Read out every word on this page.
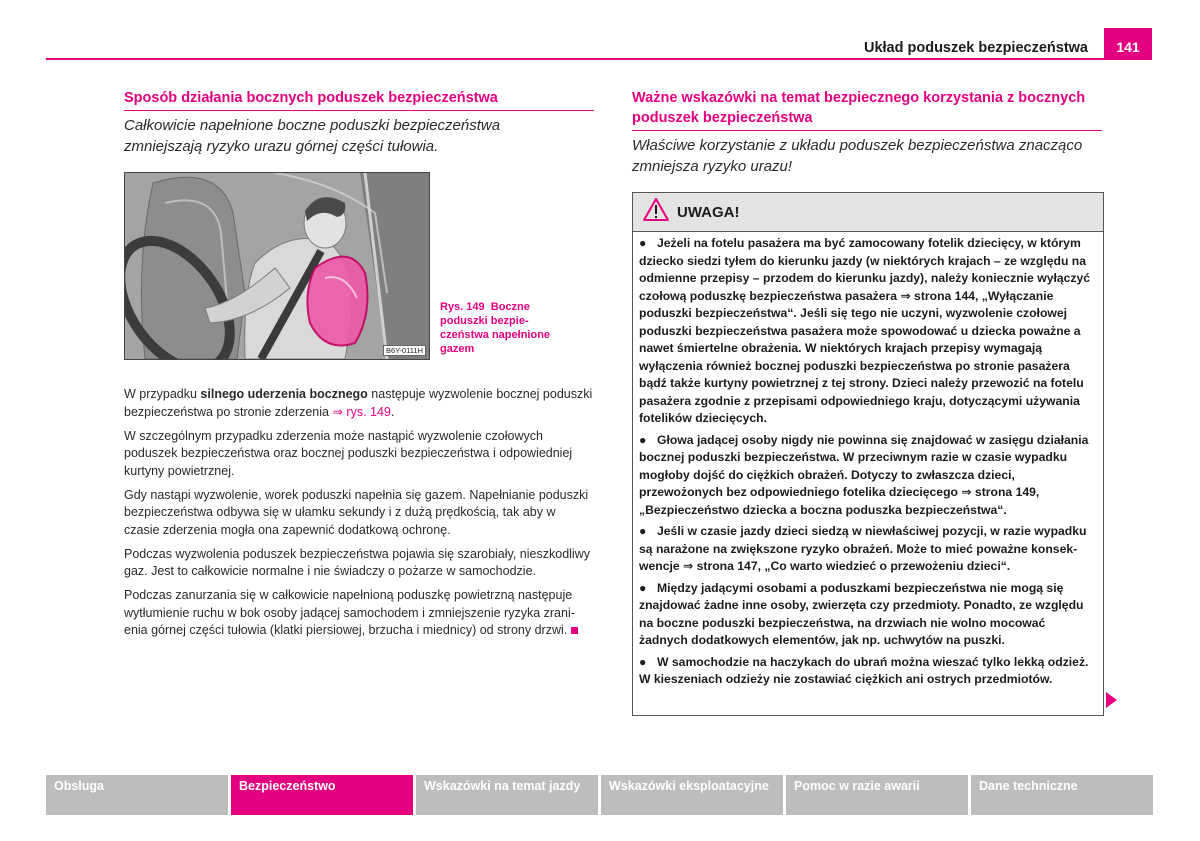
Układ poduszek bezpieczeństwa	141
Sposób działania bocznych poduszek bezpieczeństwa
Całkowicie napełnione boczne poduszki bezpieczeństwa zmniejszają ryzyko urazu górnej części tułowia.
B6Y-0111H
Rys. 149 Boczne poduszki bezpieczeństwa napełnione gazem

W przypadku silnego uderzenia bocznego następuje wyzwolenie bocznej poduszki bezpieczeństwa po stronie zderzenia ⇒ rys. 149.

W szczególnym przypadku zderzenia może nastąpić wyzwolenie czołowych poduszek bezpieczeństwa oraz bocznej poduszki bezpieczeństwa i odpowiedniej kurtyny powietrznej.

Gdy nastąpi wyzwolenie, worek poduszki napełnia się gazem. Napełnianie poduszki bezpieczeństwa odbywa się w ułamku sekundy i z dużą prędkością, tak aby w czasie zderzenia mogła ona zapewnić dodatkową ochronę.

Podczas wyzwolenia poduszek bezpieczeństwa pojawia się szarobiały, nieszkodliwy gaz. Jest to całkowicie normalne i nie świadczy o pożarze w samochodzie.

Podczas zanurzania się w całkowicie napełnioną poduszkę powietrzną następuje wytłumienie ruchu w bok osoby jadącej samochodem i zmniejszenie ryzyka zranienia górnej części tułowia (klatki piersiowej, brzucha i miednicy) od strony drzwi.

Ważne wskazówki na temat bezpiecznego korzystania z bocznych poduszek bezpieczeństwa
Właściwe korzystanie z układu poduszek bezpieczeństwa znacząco zmniejsza ryzyko urazu!
UWAGA!

● Jeżeli na fotelu pasażera ma być zamocowany fotelik dziecięcy, w którym dziecko siedzi tyłem do kierunku jazdy (w niektórych krajach – ze względu na odmienne przepisy – przodem do kierunku jazdy), należy koniecznie wyłączyć czołową poduszkę bezpieczeństwa pasażera ⇒ strona 144, „Wyłączanie poduszki bezpieczeństwa“. Jeśli się tego nie uczyni, wyzwolenie czołowej poduszki bezpieczeństwa pasażera może spowodować u dziecka poważne a nawet śmiertelne obrażenia. W niektórych krajach przepisy wymagają wyłączenia również bocznej poduszki bezpieczeństwa po stronie pasażera bądź także kurtyny powietrznej z tej strony. Dzieci należy przewozić na fotelu pasażera zgodnie z przepisami odpowiedniego kraju, dotyczącymi używania fotelików dziecięcych.

● Głowa jadącej osoby nigdy nie powinna się znajdować w zasięgu działania bocznej poduszki bezpieczeństwa. W przeciwnym razie w czasie wypadku mogłoby dojść do ciężkich obrażeń. Dotyczy to zwłaszcza dzieci, przewożonych bez odpowiedniego fotelika dziecięcego ⇒ strona 149, „Bezpieczeństwo dziecka a boczna poduszka bezpieczeństwa“.

● Jeśli w czasie jazdy dzieci siedzą w niewłaściwej pozycji, w razie wypadku są narażone na zwiększone ryzyko obrażeń. Może to mieć poważne konsekwencje ⇒ strona 147, „Co warto wiedzieć o przewożeniu dzieci“.

● Między jadącymi osobami a poduszkami bezpieczeństwa nie mogą się znajdować żadne inne osoby, zwierzęta czy przedmioty. Ponadto, ze względu na boczne poduszki bezpieczeństwa, na drzwiach nie wolno mocować żadnych dodatkowych elementów, jak np. uchwytów na puszki.

● W samochodzie na haczykach do ubrań można wieszać tylko lekką odzież. W kieszeniach odzieży nie zostawiać ciężkich ani ostrych przedmiotów.

Obsługa	Bezpieczeństwo	Wskazówki na temat jazdy	Wskazówki eksploatacyjne	Pomoc w razie awarii	Dane techniczne
